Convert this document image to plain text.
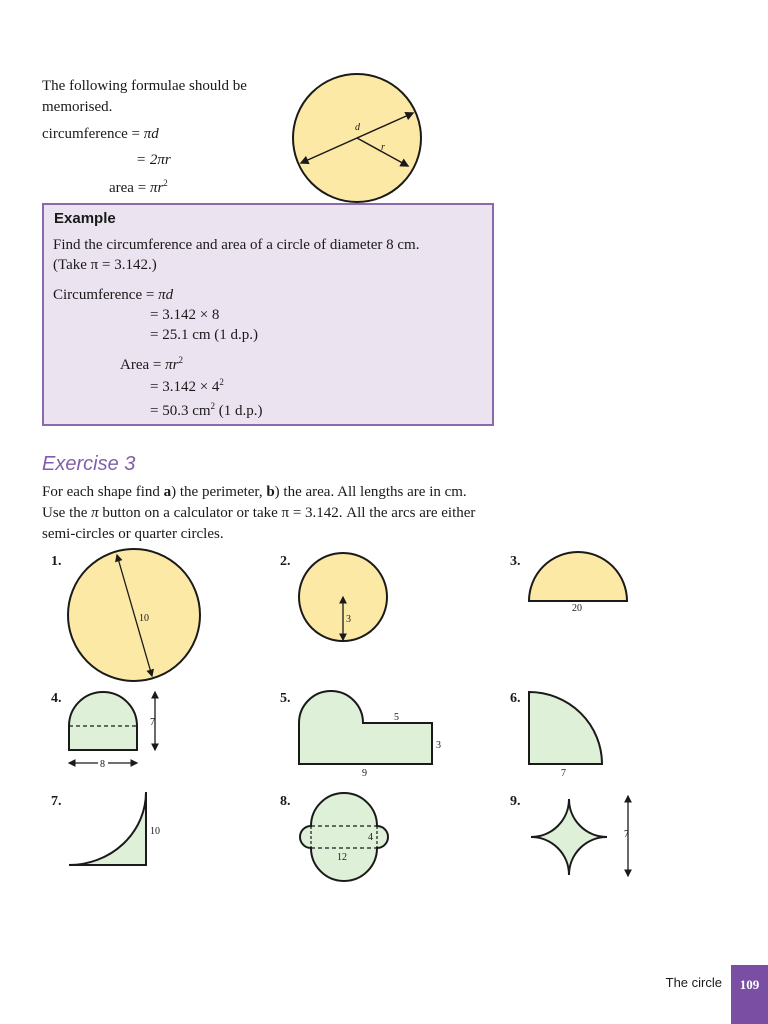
The following formulae should be
memorised.
circumference = πd
= 2πr
area = $\pi r^2$
Example
Find the circumference and area of a circle of diameter 8 cm.
(Take π = 3.142.)
Circumference = πd
= 3.142 × 8
= 25.1 cm (1 d.p.)
Area = $\pi r^2$
= $3.142 \times 4^2$
= 50.3 $cm^2$ (1 d.p.)
Exercise 3
For each shape find a) the perimeter, b) the area. All lengths are in cm.
Use the π button on a calculator or take π = 3.142. All the arcs are either
semi-circles or quarter circles.
1.	2.	3.
4.	5.	6.
7.	8.	9.
d
r
10	3
20
7
8
5
3
9	7
10
4
12
7
The circle	109
